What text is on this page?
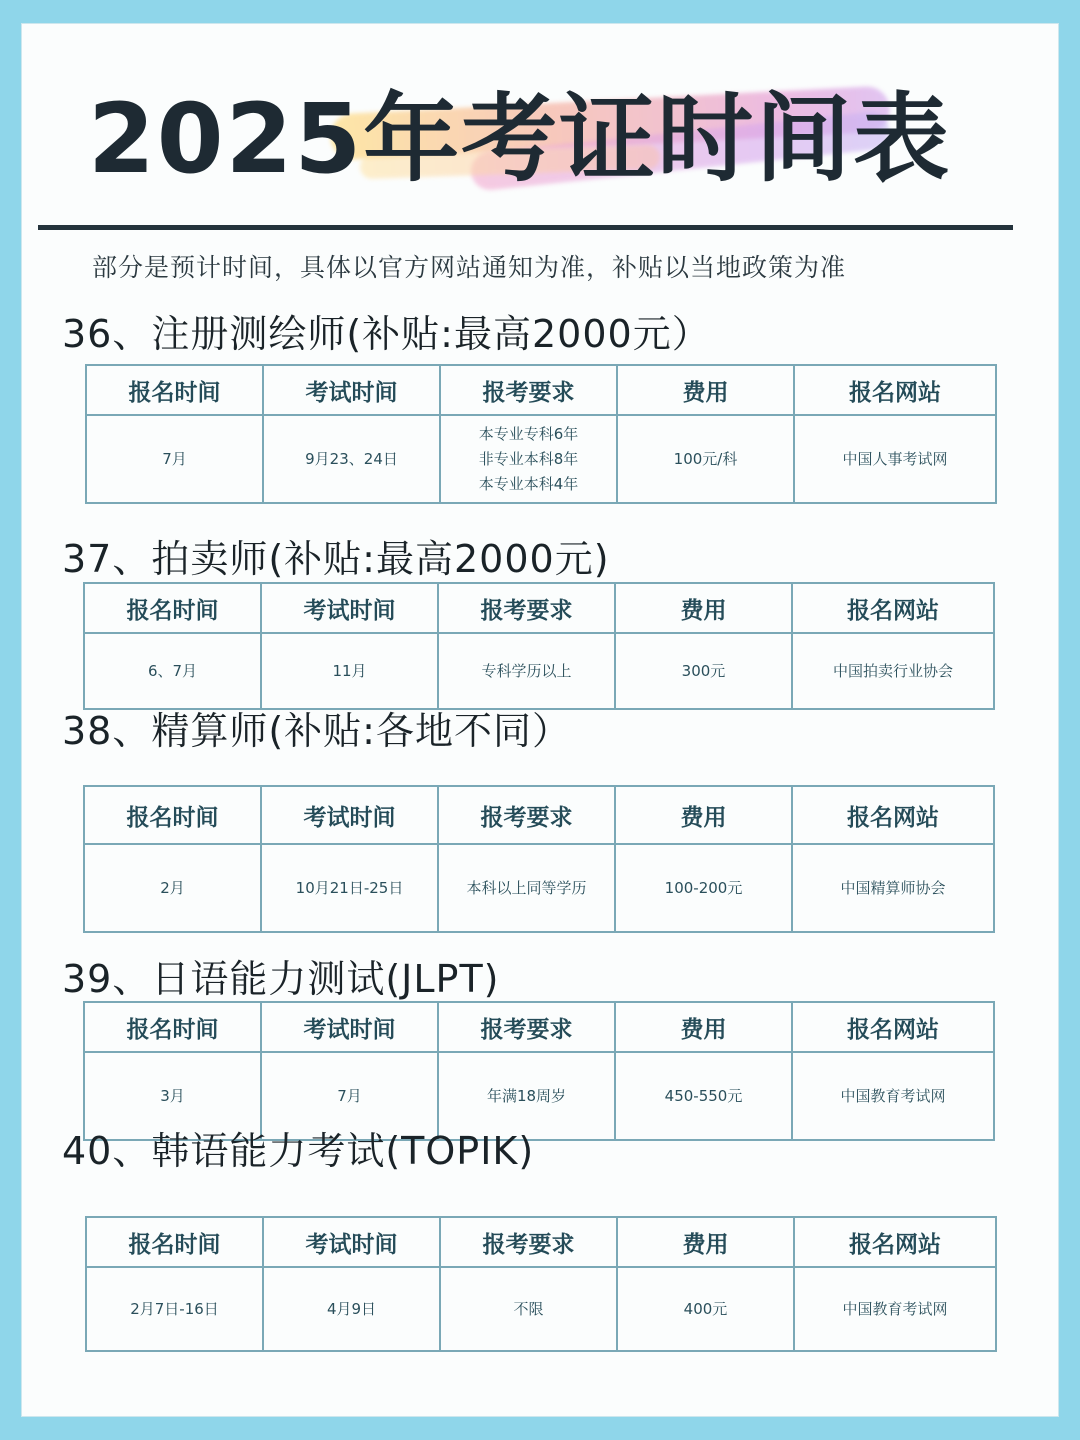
2025年考证时间表
部分是预计时间，具体以官方网站通知为准，补贴以当地政策为准
36、注册测绘师(补贴:最高2000元）
报名时间	考试时间	报考要求	费用	报名网站
7月	9月23、24日	本专业专科6年
非专业本科8年
本专业本科4年	100元/科	中国人事考试网
37、拍卖师(补贴:最高2000元)
报名时间	考试时间	报考要求	费用	报名网站
6、7月	11月	专科学历以上	300元	中国拍卖行业协会
38、精算师(补贴:各地不同）
报名时间	考试时间	报考要求	费用	报名网站
2月	10月21日-25日	本科以上同等学历	100-200元	中国精算师协会
39、日语能力测试(JLPT)
报名时间	考试时间	报考要求	费用	报名网站
3月	7月	年满18周岁	450-550元	中国教育考试网
40、韩语能力考试(TOPIK)
报名时间	考试时间	报考要求	费用	报名网站
2月7日-16日	4月9日	不限	400元	中国教育考试网
